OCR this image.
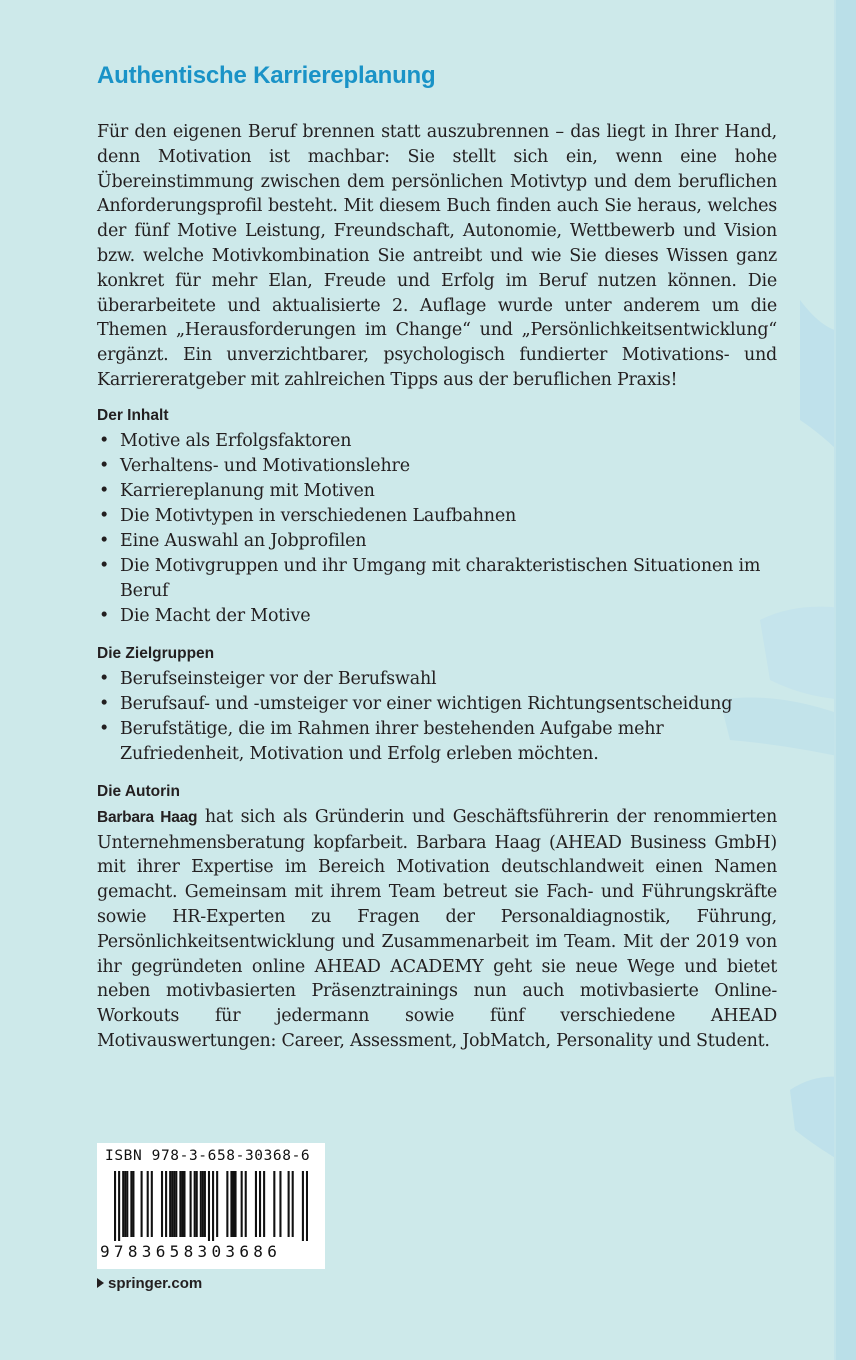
Authentische Karriereplanung

Für den eigenen Beruf brennen statt auszubrennen – das liegt in Ihrer Hand, denn Motivation ist machbar: Sie stellt sich ein, wenn eine hohe Übereinstimmung zwischen dem persönlichen Motivtyp und dem beruflichen Anforderungsprofil besteht. Mit diesem Buch finden auch Sie heraus, welches der fünf Motive Leistung, Freundschaft, Autonomie, Wettbewerb und Vision bzw. welche Motivkombination Sie antreibt und wie Sie dieses Wissen ganz konkret für mehr Elan, Freude und Erfolg im Beruf nutzen können. Die überarbeitete und aktualisierte 2. Auflage wurde unter anderem um die Themen „Herausforderungen im Change“ und „Persönlichkeitsentwicklung“ ergänzt. Ein unverzichtbarer, psychologisch fundierter Motivations- und Karriereratgeber mit zahlreichen Tipps aus der beruflichen Praxis!

Der Inhalt
• Motive als Erfolgsfaktoren
• Verhaltens- und Motivationslehre
• Karriereplanung mit Motiven
• Die Motivtypen in verschiedenen Laufbahnen
• Eine Auswahl an Jobprofilen
• Die Motivgruppen und ihr Umgang mit charakteristischen Situationen im Beruf
• Die Macht der Motive
Die Zielgruppen
• Berufseinsteiger vor der Berufswahl
• Berufsauf- und -umsteiger vor einer wichtigen Richtungsentscheidung
• Berufstätige, die im Rahmen ihrer bestehenden Aufgabe mehr Zufriedenheit, Motivation und Erfolg erleben möchten.
Die Autorin

Barbara Haag hat sich als Gründerin und Geschäftsführerin der renommierten Unternehmensberatung kopfarbeit. Barbara Haag (AHEAD Business GmbH) mit ihrer Expertise im Bereich Motivation deutschlandweit einen Namen gemacht. Gemeinsam mit ihrem Team betreut sie Fach- und Führungskräfte sowie HR-Experten zu Fragen der Personaldiagnostik, Führung, Persönlichkeitsentwicklung und Zusammenarbeit im Team. Mit der 2019 von ihr gegründeten online AHEAD ACADEMY geht sie neue Wege und bietet neben motivbasierten Präsenztrainings nun auch motivbasierte Online-Workouts für jedermann sowie fünf verschiedene AHEAD Motivauswertungen: Career, Assessment, JobMatch, Personality und Student.

ISBN 978-3-658-30368-6
9783658303686
springer.com
